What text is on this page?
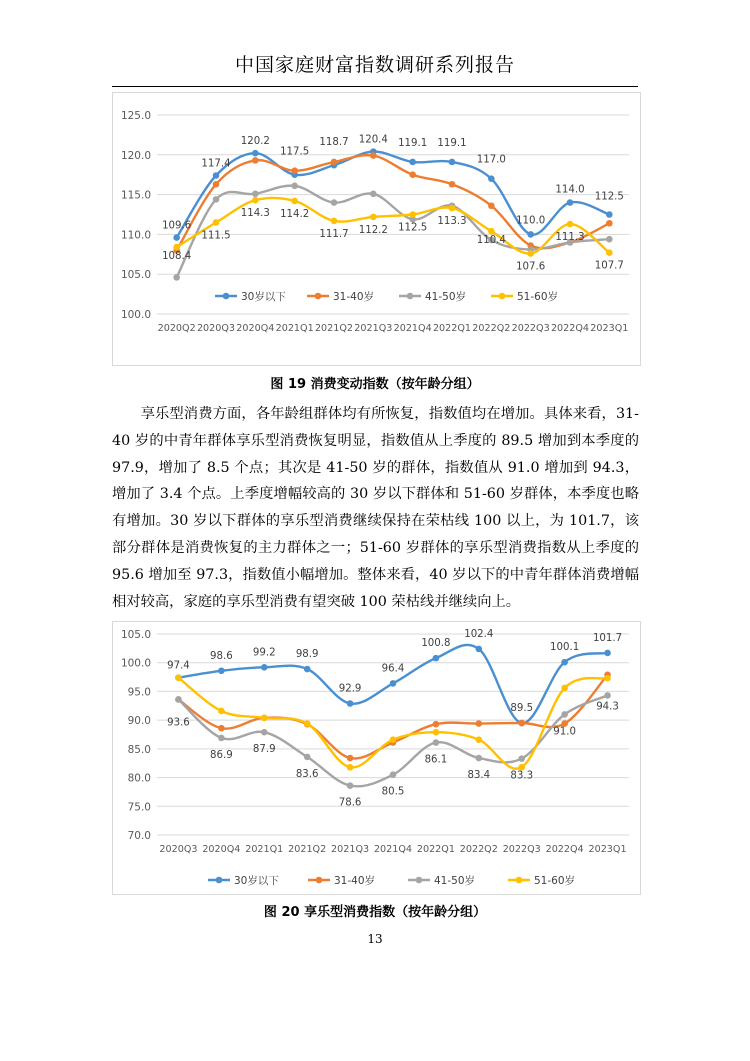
中国家庭财富指数调研系列报告
100.0
105.0
110.0
115.0
120.0
125.0
2020Q2 2020Q3 2020Q4 2021Q1 2021Q2 2021Q3 2021Q4 2022Q1 2022Q2 2022Q3 2022Q4 2023Q1
109.6
117.4
120.2
117.5
118.7 120.4 119.1 119.1
117.0
110.0
114.0
112.5
108.4
111.5
114.3 114.2
111.7 112.2 112.5
113.3
110.4
107.6
111.3
107.7
30岁以下	31-40岁	41-50岁	51-60岁
图 19 消费变动指数（按年龄分组）
享乐型消费方面，各年龄组群体均有所恢复，指数值均在增加。具体来看，31-40 岁的中青年群体享乐型消费恢复明显，指数值从上季度的 89.5 增加到本季度的 97.9，增加了 8.5 个点；其次是 41-50 岁的群体，指数值从 91.0 增加到 94.3，增加了 3.4 个点。上季度增幅较高的 30 岁以下群体和 51-60 岁群体，本季度也略有增加。30 岁以下群体的享乐型消费继续保持在荣枯线 100 以上，为 101.7，该部分群体是消费恢复的主力群体之一；51-60 岁群体的享乐型消费指数从上季度的 95.6 增加至 97.3，指数值小幅增加。整体来看，40 岁以下的中青年群体消费增幅相对较高，家庭的享乐型消费有望突破 100 荣枯线并继续向上。
70.0
75.0
80.0
85.0
90.0
95.0
100.0
105.0
2020Q3 2020Q4 2021Q1 2021Q2 2021Q3 2021Q4 2022Q1 2022Q2 2022Q3 2022Q4 2023Q1
97.4
98.6 99.2 98.9
92.9
96.4
100.8
102.4
89.5
100.1
101.7
93.6
86.9
87.9
83.6
78.6
80.5
86.1
83.4 83.3
91.0
94.3
30岁以下	31-40岁	41-50岁	51-60岁
图 20 享乐型消费指数（按年龄分组）
13
